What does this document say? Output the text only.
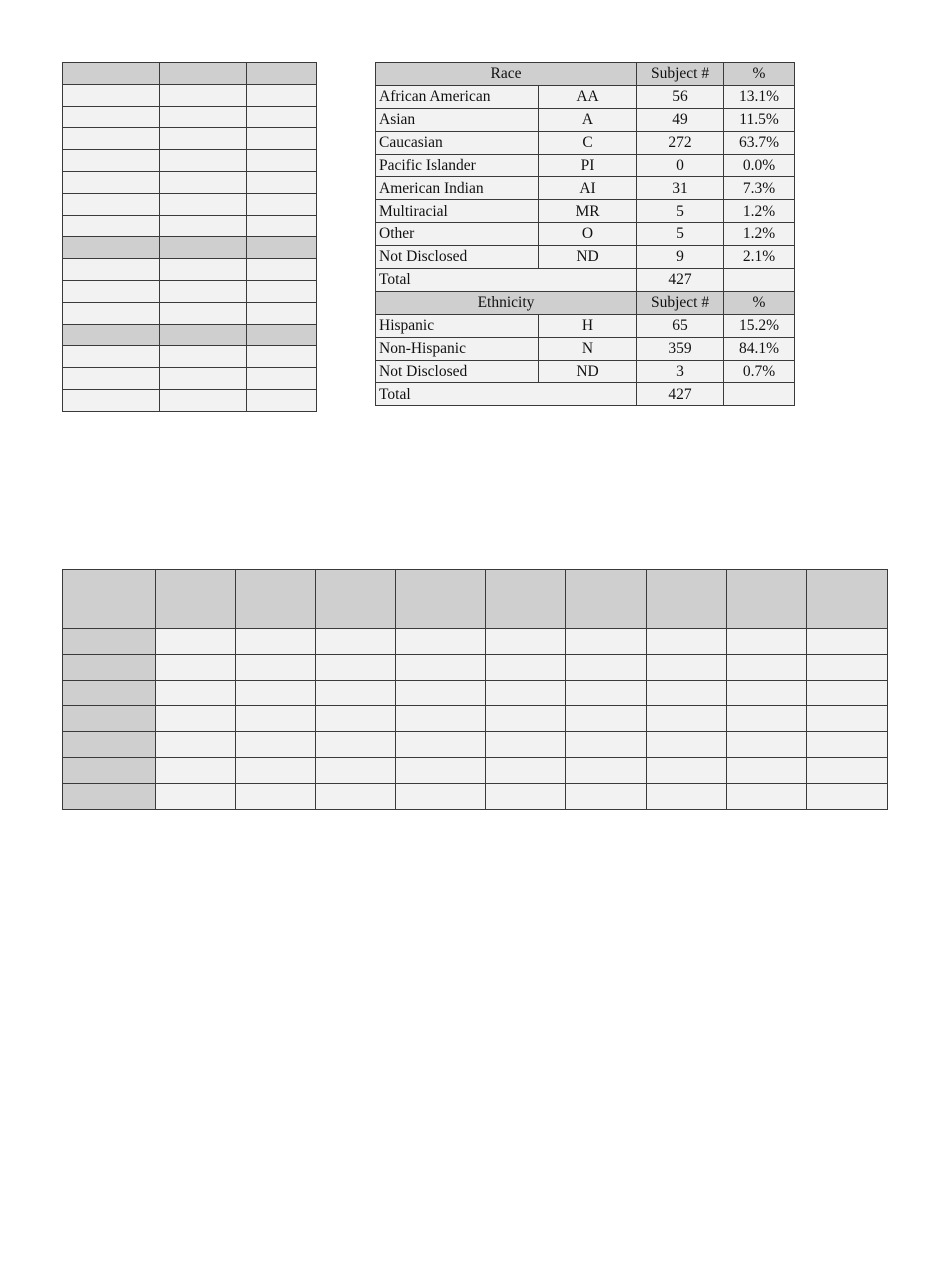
Race		Subject #	%
African American	AA	56	13.1%
Asian	A	49	11.5%
Caucasian	C	272	63.7%
Pacific Islander	PI	0	0.0%
American Indian	AI	31	7.3%
Multiracial	MR	5	1.2%
Other	O	5	1.2%
Not Disclosed	ND	9	2.1%
Total		427	
Ethnicity		Subject #	%
Hispanic	H	65	15.2%
Non-Hispanic	N	359	84.1%
Not Disclosed	ND	3	0.7%
Total		427	
